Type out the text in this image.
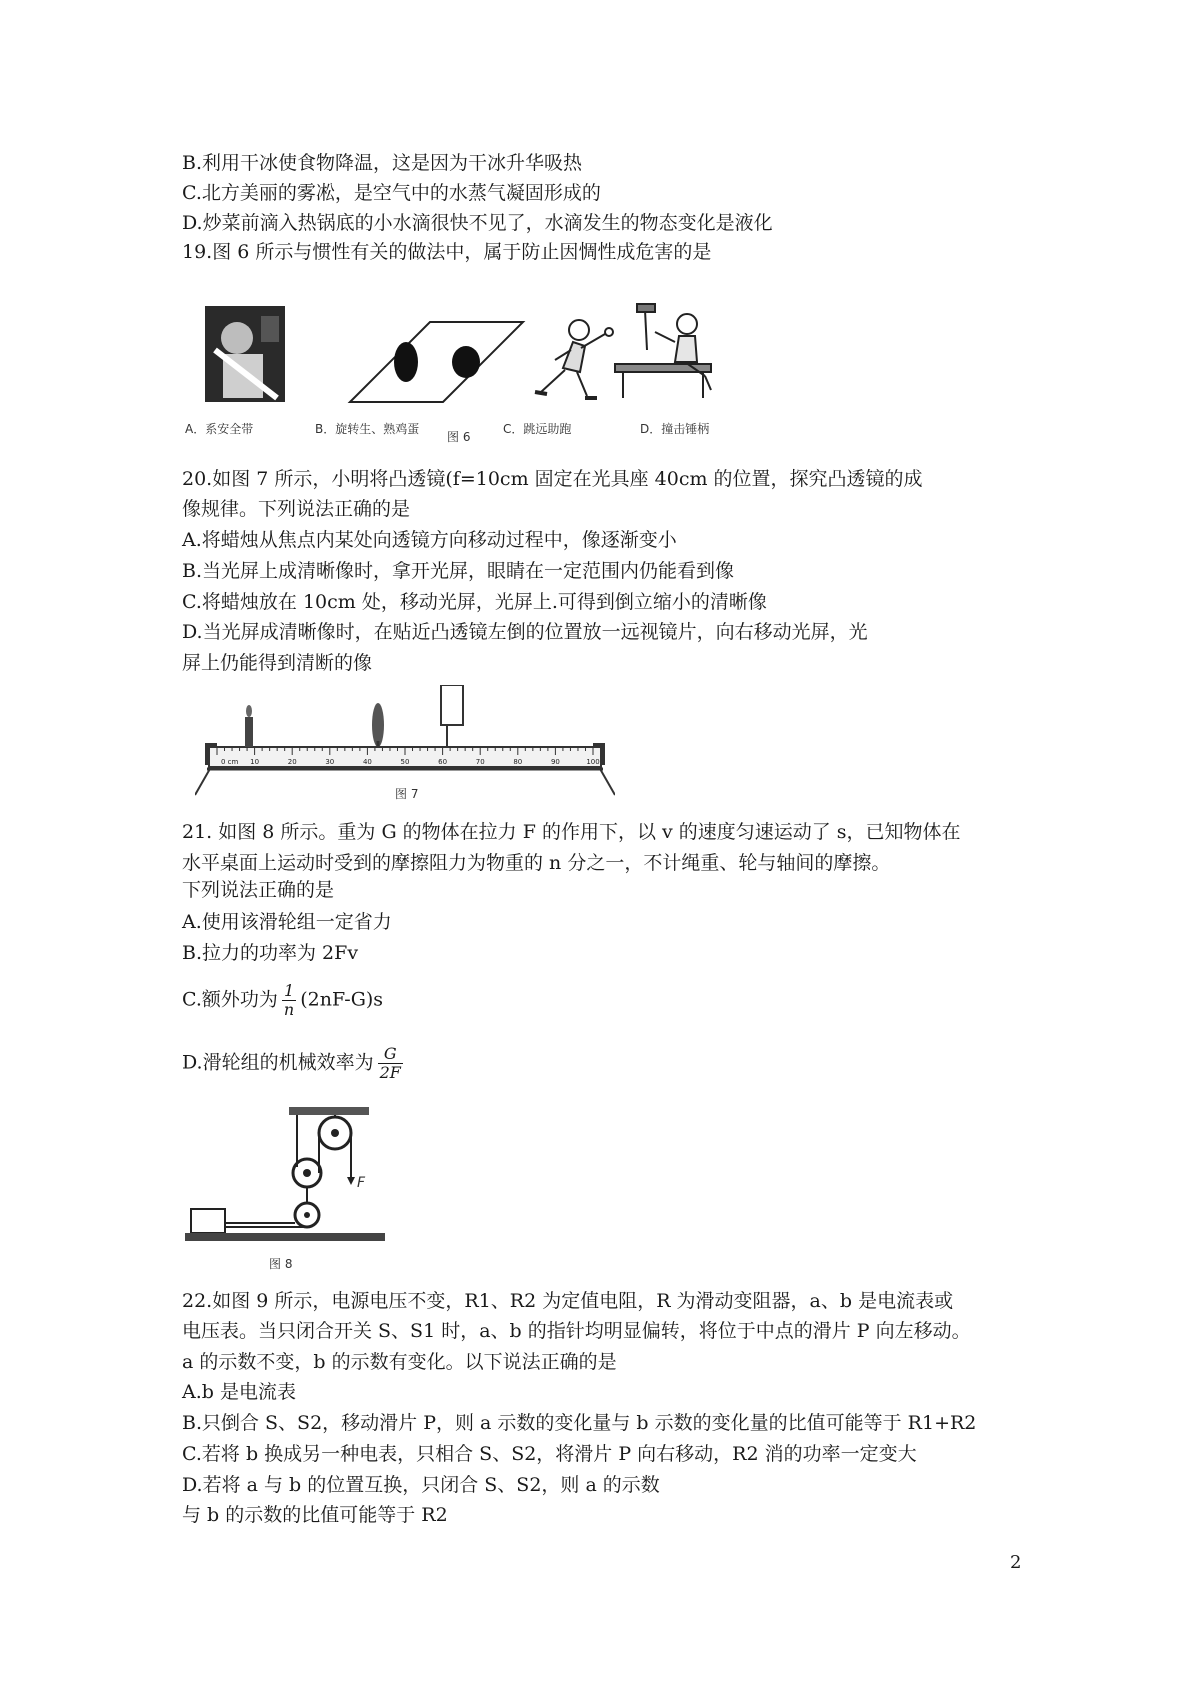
B.利用干冰使食物降温，这是因为干冰升华吸热
C.北方美丽的雾凇，是空气中的水蒸气凝固形成的
D.炒菜前滴入热锅底的小水滴很快不见了，水滴发生的物态变化是液化
19.图 6 所示与惯性有关的做法中，属于防止因惆性成危害的是
A．系安全带	B．旋转生、熟鸡蛋
图 6
C．跳远助跑	D．撞击锤柄
20.如图 7 所示，小明将凸透镜(f=10cm 固定在光具座 40cm 的位置，探究凸透镜的成
像规律。下列说法正确的是
A.将蜡烛从焦点内某处向透镜方向移动过程中，像逐渐变小
B.当光屏上成清晰像时，拿开光屏，眼睛在一定范围内仍能看到像
C.将蜡烛放在 10cm 处，移动光屏，光屏上.可得到倒立缩小的清晰像
D.当光屏成清晰像时，在贴近凸透镜左倒的位置放一远视镜片，向右移动光屏，光
屏上仍能得到清断的像
0 cm 10	20	30	40	50	60	70	80	90	100
图 7
21. 如图 8 所示。重为 G 的物体在拉力 F 的作用下，以 v 的速度匀速运动了 s，已知物体在
水平桌面上运动时受到的摩擦阻力为物重的 n 分之一，不计绳重、轮与轴间的摩擦。
下列说法正确的是
A.使用该滑轮组一定省力
B.拉力的功率为 2Fv
C.额外功为 $\frac{1}{n} (2nF-G)s$
D.滑轮组的机械效率为 $\frac{G}{2F}$
F
图 8
22.如图 9 所示，电源电压不变，R1、R2 为定值电阻，R 为滑动变阻器，a、b 是电流表或
电压表。当只闭合开关 S、S1 时，a、b 的指针均明显偏转，将位于中点的滑片 P 向左移动。
a 的示数不变，b 的示数有变化。以下说法正确的是
A.b 是电流表
B.只倒合 S、S2，移动滑片 P，则 a 示数的变化量与 b 示数的变化量的比值可能等于 R1+R2
C.若将 b 换成另一种电表，只相合 S、S2，将滑片 P 向右移动，R2 消的功率一定变大
D.若将 a 与 b 的位置互换，只闭合 S、S2，则 a 的示数
与 b 的示数的比值可能等于 R2
2
